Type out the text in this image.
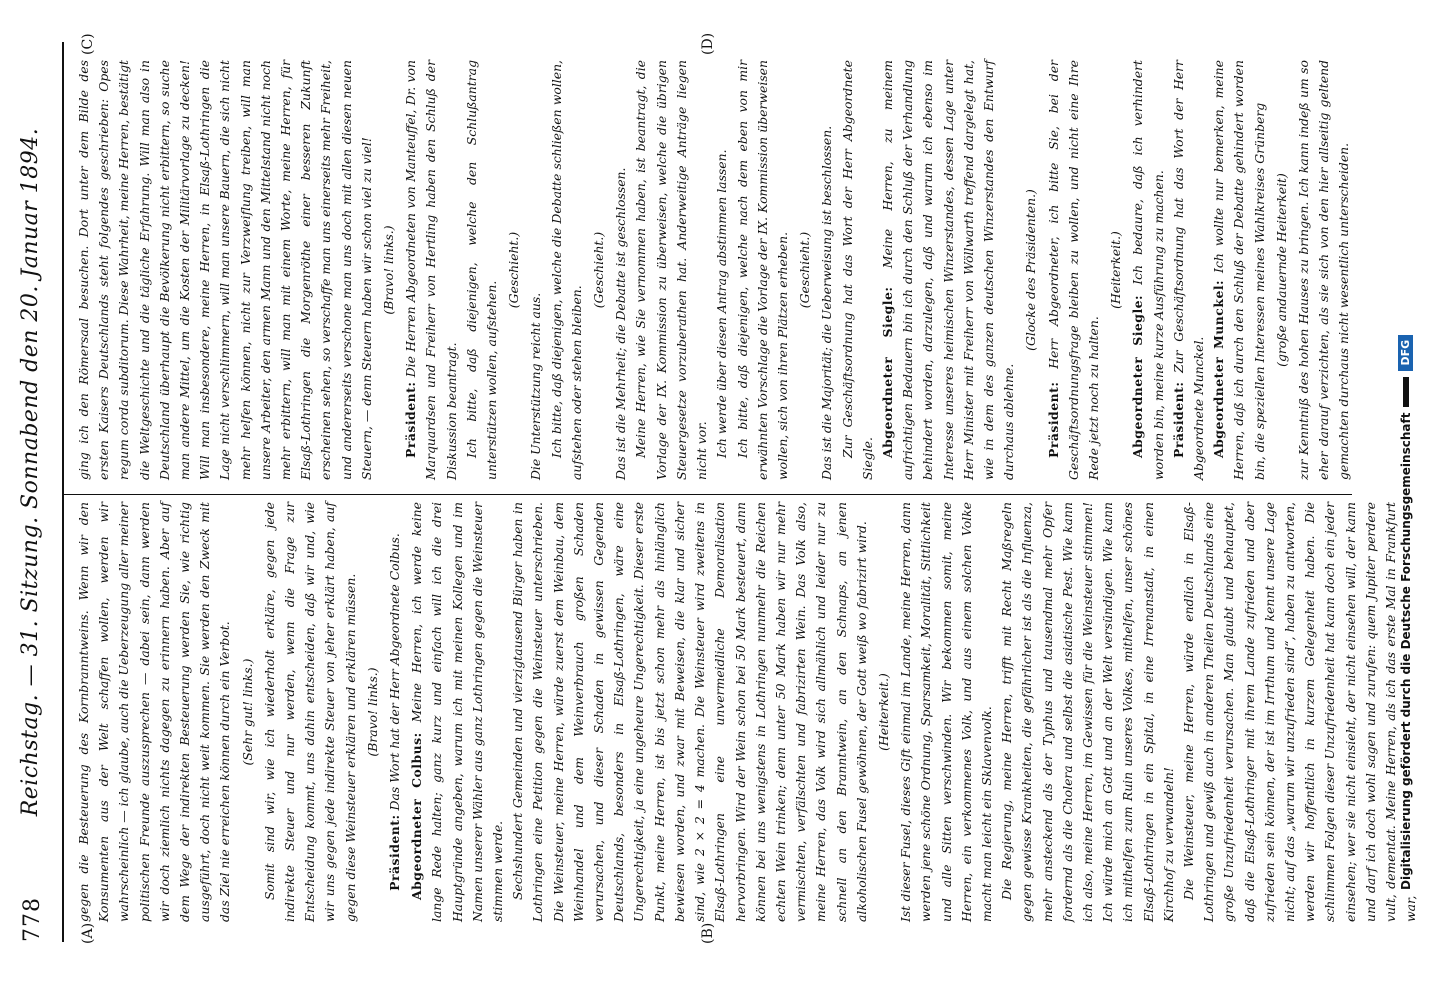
778
Reichstag. — 31. Sitzung. Sonnabend den 20. Januar 1894.
(A)	(B)
(C)	(D)

gegen die Besteuerung des Kornbranntweins. Wenn wir den Konsumenten aus der Welt schaffen wollen, werden wir wahrscheinlich — ich glaube, auch die Ueberzeugung aller meiner politischen Freunde auszusprechen — dabei sein, dann werden wir doch ziemlich nichts dagegen zu erinnern haben. Aber auf dem Wege der indirekten Besteuerung werden Sie, wie richtig ausgeführt, doch nicht weit kommen. Sie werden den Zweck mit das Ziel nie erreichen können durch ein Verbot. (Sehr gut! links.) Somit sind wir, wie ich wiederholt erkläre, gegen jede indirekte Steuer und nur werden, wenn die Frage zur Entscheidung kommt, uns dahin entscheiden, daß wir und, wie wir uns gegen jede indirekte Steuer von jeher erklärt haben, auf gegen diese Weinsteuer erklären und erklären müssen. (Bravo! links.)

Präsident: Das Wort hat der Herr Abgeordnete Colbus.

Abgeordneter Colbus: Meine Herren, ich werde keine lange Rede halten; ganz kurz und einfach will ich die drei Hauptgründe angeben, warum ich mit meinen Kollegen und im Namen unserer Wähler aus ganz Lothringen gegen die Weinsteuer stimmen werde. Sechshundert Gemeinden und vierzigtausend Bürger haben in Lothringen eine Petition gegen die Weinsteuer unterschrieben. Die Weinsteuer, meine Herren, würde zuerst dem Weinbau, dem Weinhandel und dem Weinverbrauch großen Schaden verursachen, und dieser Schaden in gewissen Gegenden Deutschlands, besonders in Elsaß-Lothringen, wäre eine Ungerechtigkeit, ja eine ungeheure Ungerechtigkeit. Dieser erste Punkt, meine Herren, ist bis jetzt schon mehr als hinlänglich bewiesen worden, und zwar mit Beweisen, die klar und sicher sind, wie 2 × 2 = 4 machen. Die Weinsteuer wird zweitens in Elsaß-Lothringen eine unvermeidliche Demoralisation hervorbringen. Wird der Wein schon bei 50 Mark besteuert, dann können bei uns wenigstens in Lothringen nunmehr die Reichen echten Wein trinken; denn unter 50 Mark haben wir nur mehr vermischten, verfälschten und fabrizirten Wein. Das Volk also, meine Herren, das Volk wird sich allmählich und leider nur zu schnell an den Branntwein, an den Schnaps, an jenen alkoholischen Fusel gewöhnen, der Gott weiß wo fabrizirt wird. (Heiterkeit.) Ist dieser Fusel, dieses Gift einmal im Lande, meine Herren, dann werden jene schöne Ordnung, Sparsamkeit, Moralität, Sittlichkeit und alle Sitten verschwinden. Wir bekommen somit, meine Herren, ein verkommenes Volk, und aus einem solchen Volke macht man leicht ein Sklavenvolk. Die Regierung, meine Herren, trifft mit Recht Maßregeln gegen gewisse Krankheiten, die gefährlicher ist als die Influenza, mehr ansteckend als der Typhus und tausendmal mehr Opfer fordernd als die Cholera und selbst die asiatische Pest. Wie kann ich also, meine Herren, im Gewissen für die Weinsteuer stimmen! Ich würde mich an Gott und an der Welt versündigen. Wie kann ich mithelfen zum Ruin unseres Volkes, mithelfen, unser schönes Elsaß-Lothringen in ein Spital, in eine Irrenanstalt, in einen Kirchhof zu verwandeln! Die Weinsteuer, meine Herren, würde endlich in Elsaß-Lothringen und gewiß auch in anderen Theilen Deutschlands eine große Unzufriedenheit verursachen. Man glaubt und behauptet, daß die Elsaß-Lothringer mit ihrem Lande zufrieden und aber zufrieden sein können, der ist im Irrthum und kennt unsere Lage nicht; auf das „warum wir unzufrieden sind“, haben zu antworten, werden wir hoffentlich in kurzem Gelegenheit haben. Die schlimmen Folgen dieser Unzufriedenheit hat kann doch ein jeder einsehen; wer sie nicht einsieht, der nicht einsehen will, der kann und darf ich doch wohl sagen und zurufen: quem Jupiter perdere vult, dementat. Meine Herren, als ich das erste Mal in Frankfurt war,

ging ich den Römersaal besuchen. Dort unter dem Bilde des ersten Kaisers Deutschlands steht folgendes geschrieben: Opes regum corda subditorum. Diese Wahrheit, meine Herren, bestätigt die Weltgeschichte und die tägliche Erfahrung. Will man also in Deutschland überhaupt die Bevölkerung nicht erbittern, so suche man andere Mittel, um die Kosten der Militärvorlage zu decken! Will man insbesondere, meine Herren, in Elsaß-Lothringen die Lage nicht verschlimmern, will man unsere Bauern, die sich nicht mehr helfen können, nicht zur Verzweiflung treiben, will man unsere Arbeiter, den armen Mann und den Mittelstand nicht noch mehr erbittern, will man mit einem Worte, meine Herren, für Elsaß-Lothringen die Morgenröthe einer besseren Zukunft erscheinen sehen, so verschaffe man uns einerseits mehr Freiheit, und andererseits verschone man uns doch mit allen diesen neuen Steuern, — denn Steuern haben wir schon viel zu viel! (Bravo! links.)

Präsident: Die Herren Abgeordneten von Manteuffel, Dr. von Marquardsen und Freiherr von Hertling haben den Schluß der Diskussion beantragt. Ich bitte, daß diejenigen, welche den Schlußantrag unterstützen wollen, aufstehen.

(Geschieht.)

Die Unterstützung reicht aus. Ich bitte, daß diejenigen, welche die Debatte schließen wollen, aufstehen oder stehen bleiben.

(Geschieht.) Das ist die Mehrheit; die Debatte ist geschlossen. Meine Herren, wie Sie vernommen haben, ist beantragt, die Vorlage der IX. Kommission zu überweisen, welche die übrigen Steuergesetze vorzuberathen hat. Anderweitige Anträge liegen nicht vor. Ich werde über diesen Antrag abstimmen lassen. Ich bitte, daß diejenigen, welche nach dem eben von mir erwähnten Vorschlage die Vorlage der IX. Kommission überweisen wollen, sich von ihren Plätzen erheben. (Geschieht.) Das ist die Majorität; die Ueberweisung ist beschlossen. Zur Geschäftsordnung hat das Wort der Herr Abgeordnete Siegle.

Abgeordneter Siegle: Meine Herren, zu meinem aufrichtigen Bedauern bin ich durch den Schluß der Verhandlung behindert worden, darzulegen, daß und warum ich ebenso im Interesse unseres heimischen Winzerstandes, dessen Lage unter Herr Minister mit Freiherr von Wöllwarth treffend dargelegt hat, wie in dem des ganzen deutschen Winzerstandes den Entwurf durchaus ablehne.

(Glocke des Präsidenten.)

Präsident: Herr Abgeordneter, ich bitte Sie, bei der Geschäftsordnungsfrage bleiben zu wollen, und nicht eine Ihre Rede jetzt noch zu halten.

(Heiterkeit.)

Abgeordneter Siegle: Ich bedaure, daß ich verhindert worden bin, meine kurze Ausführung zu machen. Präsident: Zur Geschäftsordnung hat das Wort der Herr Abgeordnete Munckel. Abgeordneter Munckel: Ich wollte nur bemerken, meine Herren, daß ich durch den Schluß der Debatte gehindert worden bin, die speziellen Interessen meines Wahlkreises Grünberg (große andauernde Heiterkeit) zur Kenntniß des hohen Hauses zu bringen. Ich kann indeß um so eher darauf verzichten, als sie sich von den hier allseitig geltend gemachten durchaus nicht wesentlich unterscheiden.

Digitalisierung gefördert durch die Deutsche Forschungsgemeinschaft
DFG
